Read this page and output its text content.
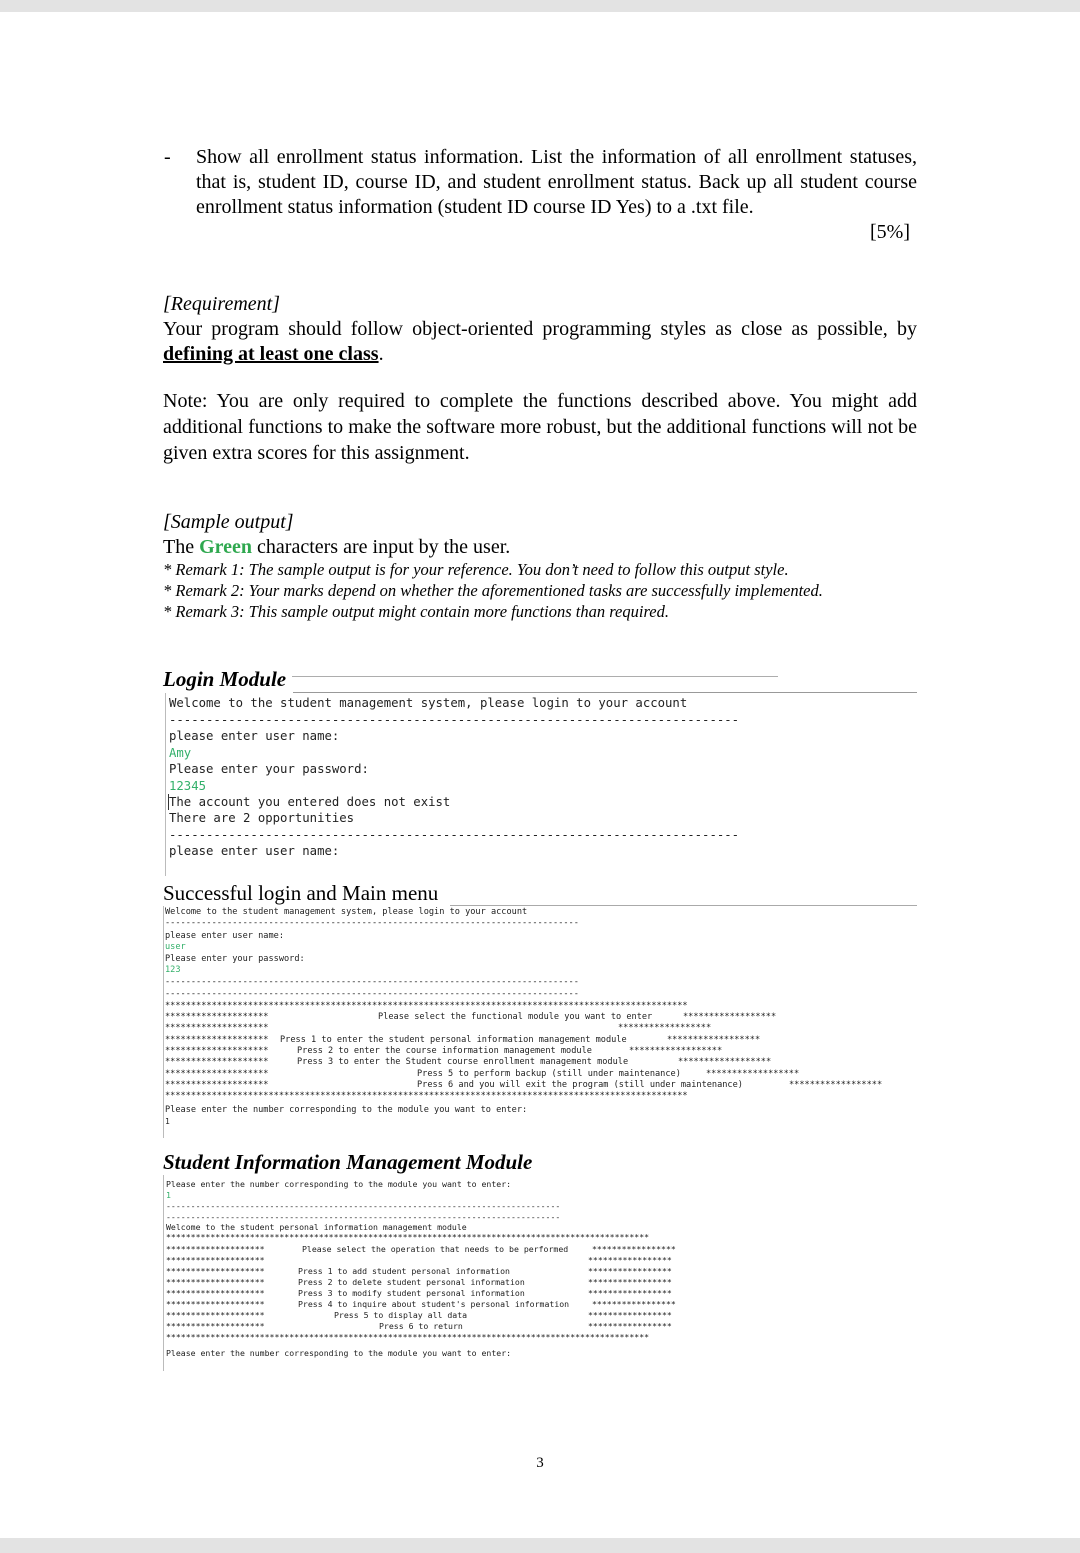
- Show all enrollment status information. List the information of all enrollment statuses, that is, student ID, course ID, and student enrollment status. Back up all student course enrollment status information (student ID course ID Yes) to a .txt file.
[5%]
[Requirement]
Your program should follow object-oriented programming styles as close as possible, by defining at least one class.
Note: You are only required to complete the functions described above. You might add additional functions to make the software more robust, but the additional functions will not be given extra scores for this assignment.
[Sample output]
The Green characters are input by the user.
* Remark 1: The sample output is for your reference. You don’t need to follow this output style.
* Remark 2: Your marks depend on whether the aforementioned tasks are successfully implemented.
* Remark 3: This sample output might contain more functions than required.
Login Module
Welcome to the student management system, please login to your account
-----------------------------------------------------------------------------
please enter user name:
Amy
Please enter your password:
12345
The account you entered does not exist
There are 2 opportunities
-----------------------------------------------------------------------------
please enter user name:
Successful login and Main menu
Welcome to the student management system, please login to your account
--------------------------------------------------------------------------------
please enter user name:
user
Please enter your password:
123
--------------------------------------------------------------------------------
--------------------------------------------------------------------------------
*****************************************************************************************************
********************	Please select the functional module you want to enter	******************
********************	******************
******************** Press 1 to enter the student personal information management module	******************
********************	Press 2 to enter the course information management module	******************
********************	Press 3 to enter the Student course enrollment management module	******************
********************	Press 5 to perform backup (still under maintenance)	******************
********************	Press 6 and you will exit the program (still under maintenance)	******************
*****************************************************************************************************
Please enter the number corresponding to the module you want to enter:
1
Student Information Management Module
Please enter the number corresponding to the module you want to enter:
1
--------------------------------------------------------------------------------
--------------------------------------------------------------------------------
Welcome to the student personal information management module
**************************************************************************************************
********************	Please select the operation that needs to be performed	*****************
********************	*****************
********************	Press 1 to add student personal information	*****************
********************	Press 2 to delete student personal information	*****************
********************	Press 3 to modify student personal information	*****************
********************	Press 4 to inquire about student's personal information	*****************
********************	Press 5 to display all data	*****************
********************	Press 6 to return	*****************
**************************************************************************************************
Please enter the number corresponding to the module you want to enter:
3
